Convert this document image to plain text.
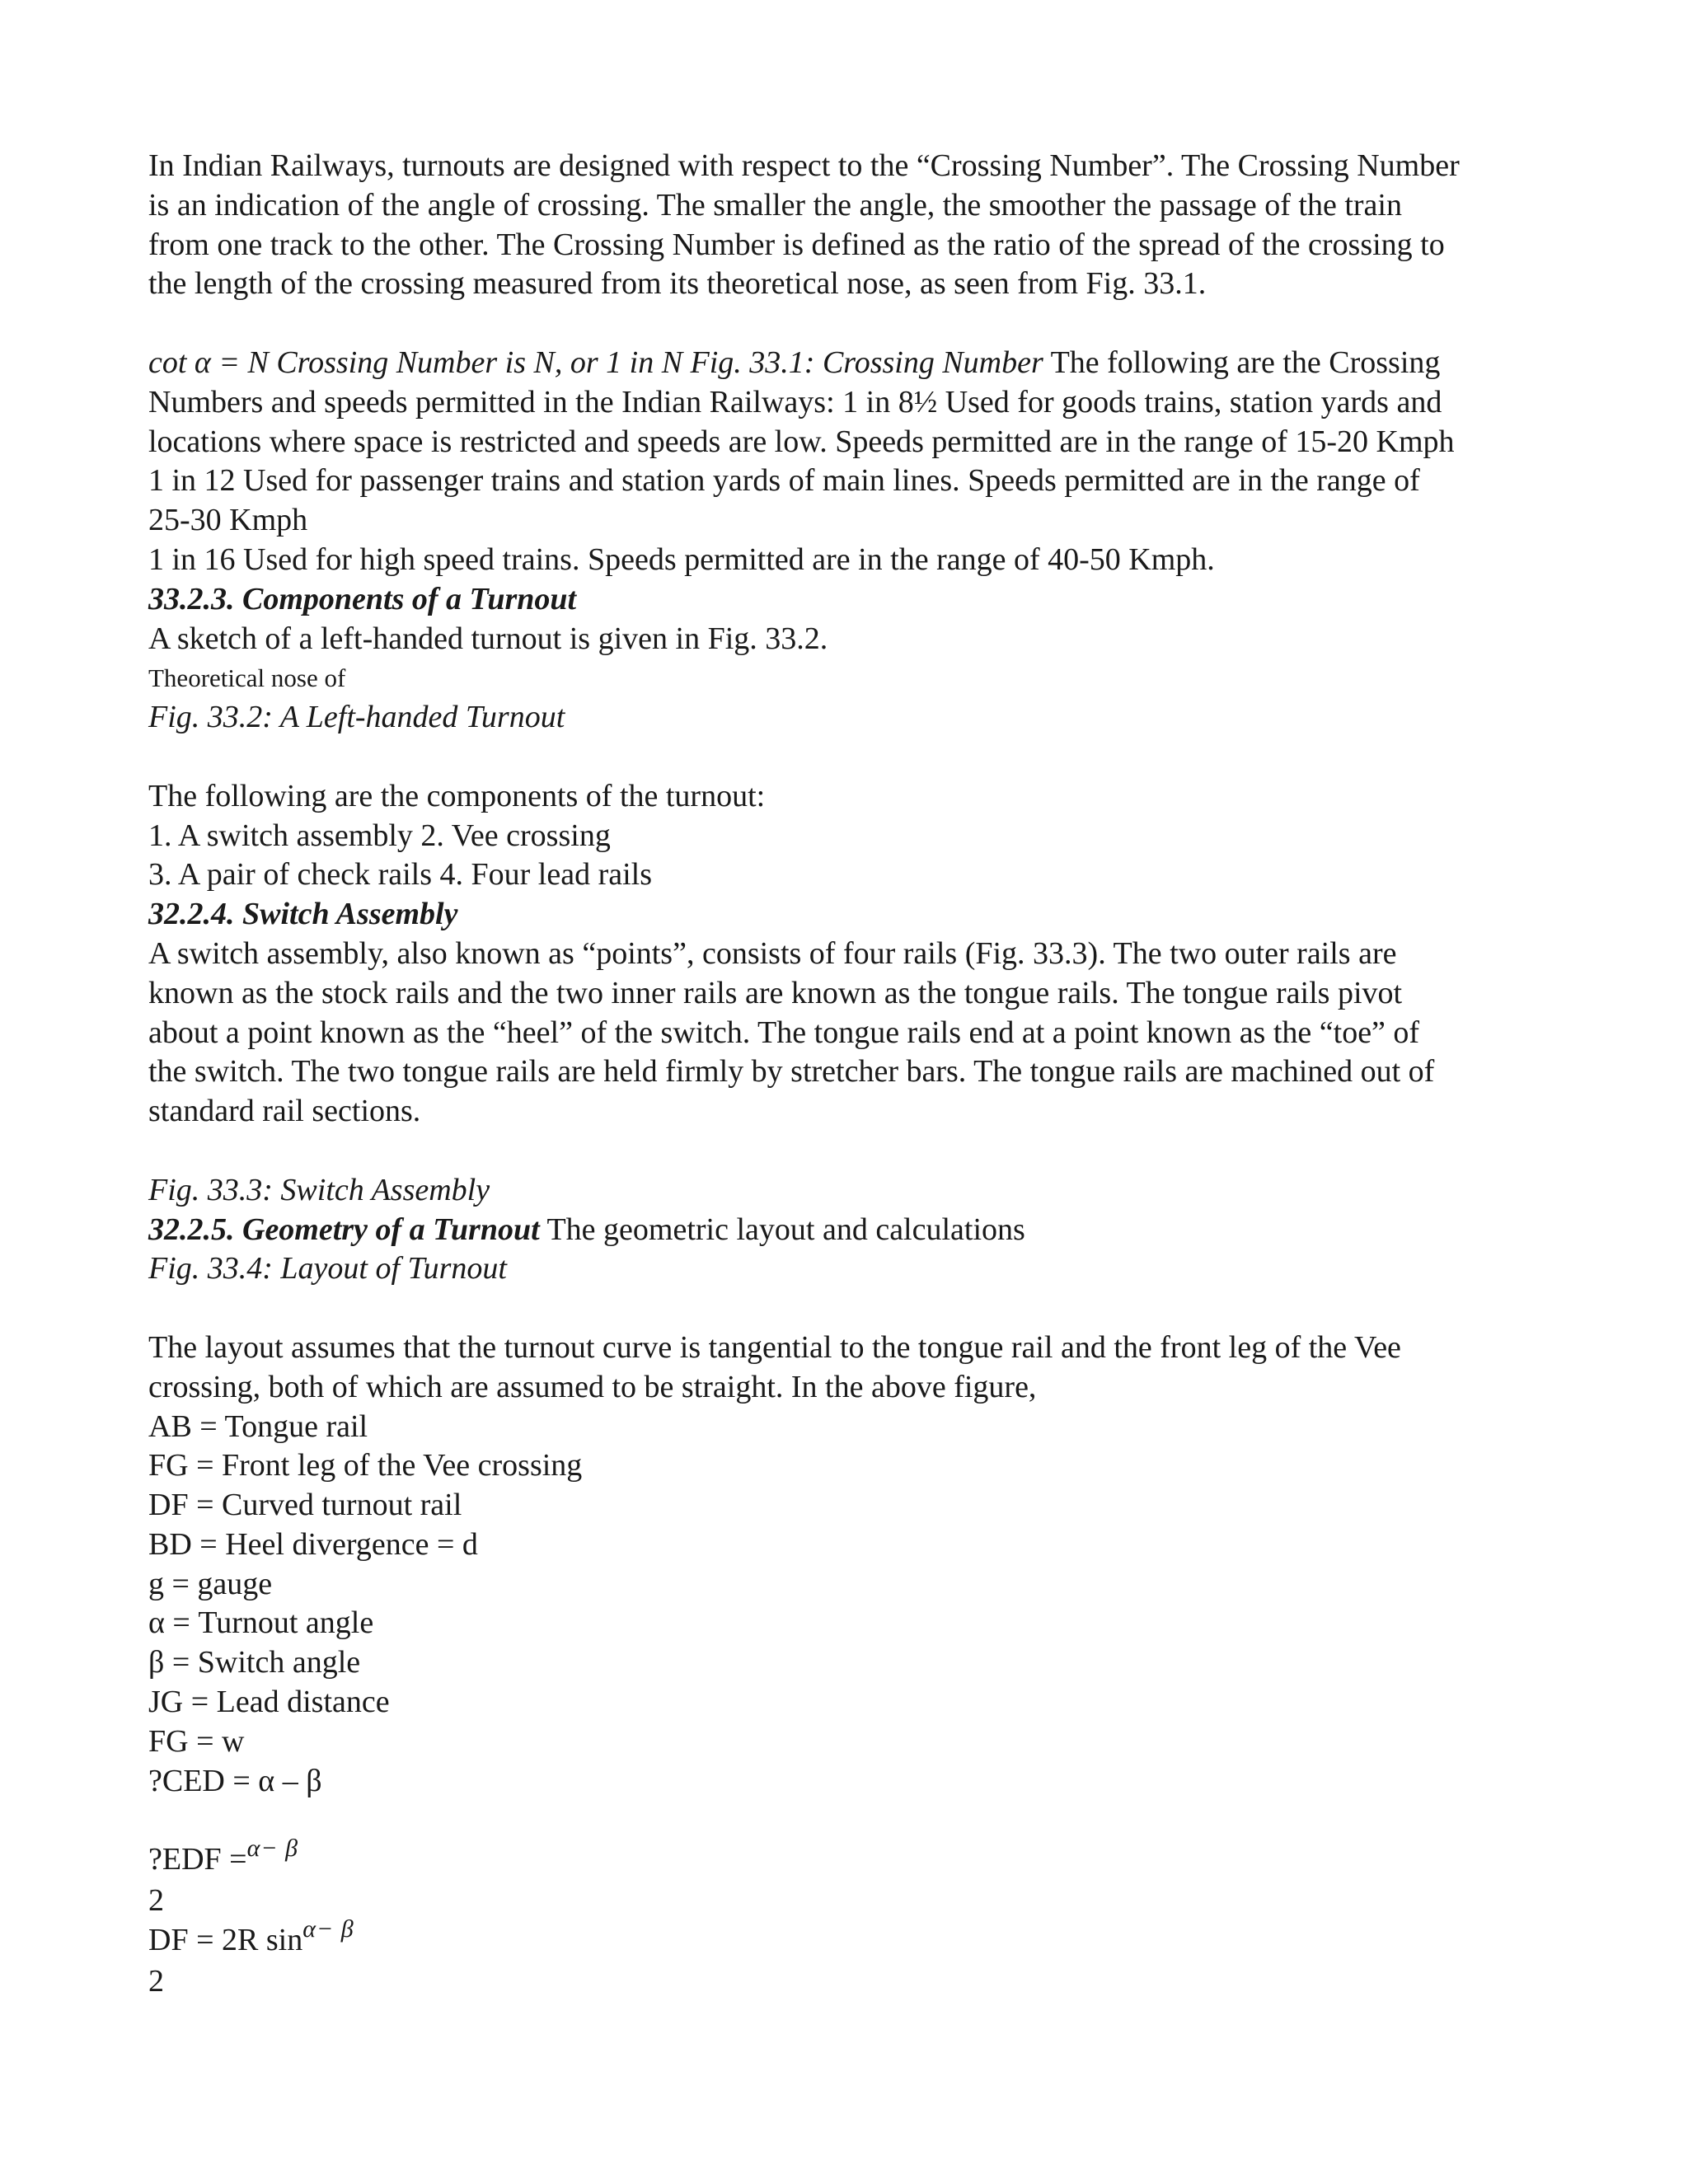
In Indian Railways, turnouts are designed with respect to the “Crossing Number”. The Crossing Number
is an indication of the angle of crossing. The smaller the angle, the smoother the passage of the train
from one track to the other. The Crossing Number is defined as the ratio of the spread of the crossing to
the length of the crossing measured from its theoretical nose, as seen from Fig. 33.1.
cot α = N Crossing Number is N, or 1 in N Fig. 33.1: Crossing Number The following are the Crossing
Numbers and speeds permitted in the Indian Railways: 1 in 8½ Used for goods trains, station yards and
locations where space is restricted and speeds are low. Speeds permitted are in the range of 15-20 Kmph
1 in 12 Used for passenger trains and station yards of main lines. Speeds permitted are in the range of
25-30 Kmph
1 in 16 Used for high speed trains. Speeds permitted are in the range of 40-50 Kmph.
33.2.3. Components of a Turnout
A sketch of a left-handed turnout is given in Fig. 33.2.
Theoretical nose of
Fig. 33.2: A Left-handed Turnout
The following are the components of the turnout:
1. A switch assembly 2. Vee crossing
3. A pair of check rails 4. Four lead rails
32.2.4. Switch Assembly
A switch assembly, also known as “points”, consists of four rails (Fig. 33.3). The two outer rails are
known as the stock rails and the two inner rails are known as the tongue rails. The tongue rails pivot
about a point known as the “heel” of the switch. The tongue rails end at a point known as the “toe” of
the switch. The two tongue rails are held firmly by stretcher bars. The tongue rails are machined out of
standard rail sections.
Fig. 33.3: Switch Assembly
32.2.5. Geometry of a Turnout The geometric layout and calculations
Fig. 33.4: Layout of Turnout
The layout assumes that the turnout curve is tangential to the tongue rail and the front leg of the Vee
crossing, both of which are assumed to be straight. In the above figure,
AB = Tongue rail
FG = Front leg of the Vee crossing
DF = Curved turnout rail
BD = Heel divergence = d
g = gauge
α = Turnout angle
β = Switch angle
JG = Lead distance
FG = w
?CED = α – β
?EDF =$^{\alpha- \beta}$
2
DF = 2R $\sin^{\alpha- \beta}$
2
